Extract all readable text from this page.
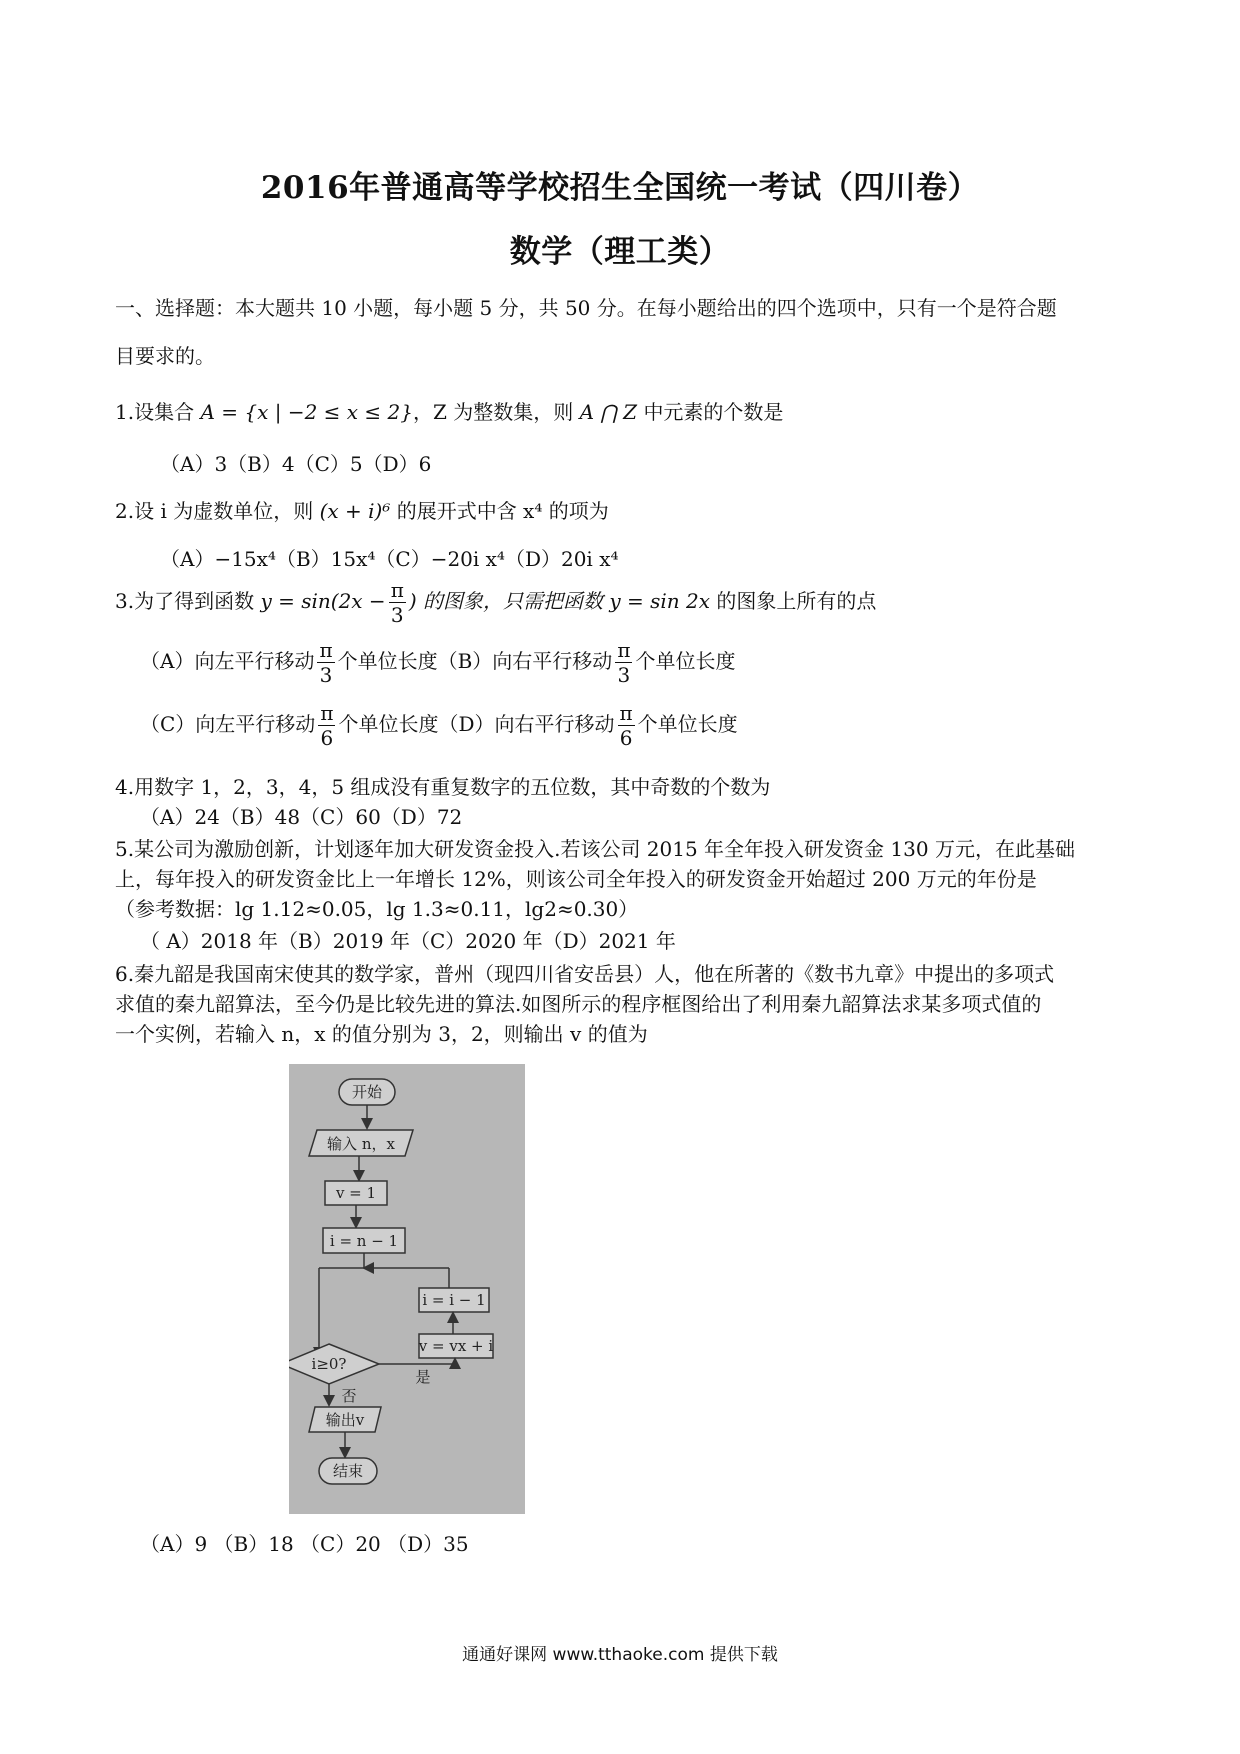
2016年普通高等学校招生全国统一考试（四川卷）
数学（理工类）
一、选择题：本大题共 10 小题，每小题 5 分，共 50 分。在每小题给出的四个选项中，只有一个是符合题
目要求的。
1.设集合 A = {x | −2 ≤ x ≤ 2}，Z 为整数集，则 A ⋂ Z 中元素的个数是
（A）3（B）4（C）5（D）6
2.设 i 为虚数单位，则 (x + i)⁶ 的展开式中含 x⁴ 的项为
（A）−15x⁴（B）15x⁴（C）−20i x⁴（D）20i x⁴
3.为了得到函数 $y = \sin(2x - \frac{\pi}{3}$ ) 的图象，只需把函数 y = sin 2x 的图象上所有的点
（A）向左平行移动 $\frac{\pi}{3}$ 个单位长度（B）向右平行移动 $\frac{\pi}{3}$ 个单位长度
（C）向左平行移动 $\frac{\pi}{6}$ 个单位长度（D）向右平行移动 $\frac{\pi}{6}$ 个单位长度
4.用数字 1，2，3，4，5 组成没有重复数字的五位数，其中奇数的个数为
（A）24（B）48（C）60（D）72
5.某公司为激励创新，计划逐年加大研发资金投入.若该公司 2015 年全年投入研发资金 130 万元，在此基础
上，每年投入的研发资金比上一年增长 12%，则该公司全年投入的研发资金开始超过 200 万元的年份是
（参考数据：lg 1.12≈0.05，lg 1.3≈0.11，lg2≈0.30）
（ A）2018 年（B）2019 年（C）2020 年（D）2021 年
6.秦九韶是我国南宋使其的数学家，普州（现四川省安岳县）人，他在所著的《数书九章》中提出的多项式
求值的秦九韶算法，至今仍是比较先进的算法.如图所示的程序框图给出了利用秦九韶算法求某多项式值的
一个实例，若输入 n，x 的值分别为 3，2，则输出 v 的值为
开始
输入 n，x
v = 1
i = n − 1
i = i − 1
v = vx + i
i≥0?
是
否
输出v
结束
（A）9 （B）18 （C）20 （D）35
通通好课网 www.tthaoke.com 提供下载
